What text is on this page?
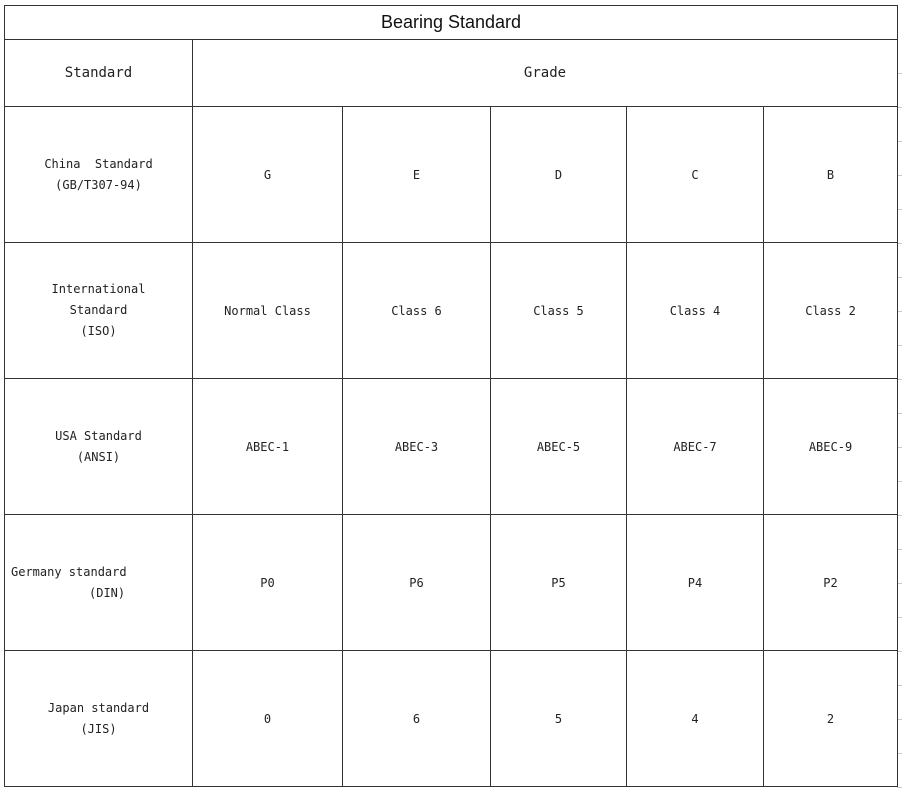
Bearing Standard					
Standard	Grade				

China  Standard
(GB/T307-94)	G	E	D	C	B

International
Standard
(ISO)	Normal Class	Class 6	Class 5	Class 4	Class 2

USA Standard
(ANSI)	ABEC-1	ABEC-3	ABEC-5	ABEC-7	ABEC-9

Germany standard
(DIN)	P0	P6	P5	P4	P2

Japan standard
(JIS)	0	6	5	4	2
